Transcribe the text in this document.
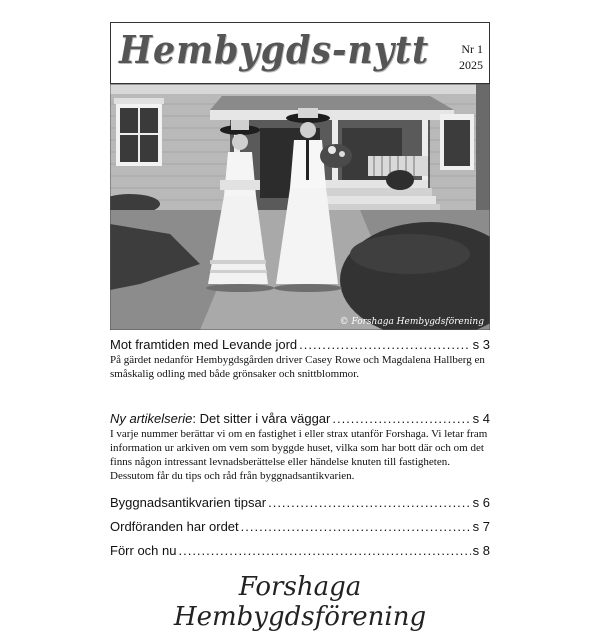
Hembygds-nytt	Nr 1
2025
© Forshaga Hembygdsförening
Mot framtiden med Levande jord .....	s 3

På gärdet nedanför Hembygdsgården driver Casey Rowe och Magdalena Hallberg en småskalig odling med både grönsaker och snittblommor.

Ny artikelserie: Det sitter i våra väggar .....	s 4

I varje nummer berättar vi om en fastighet i eller strax utanför Forshaga. Vi letar fram information ur arkiven om vem som byggde huset, vilka som har bott där och om det finns någon intressant levnadsberättelse eller händelse knuten till fastigheten. Dessutom får du tips och råd från byggnadsantikvarien.

Byggnadsantikvarien tipsar .....	s 6
Ordföranden har ordet .....	s 7
Förr och nu .....	s 8
Forshaga Hembygdsförening
